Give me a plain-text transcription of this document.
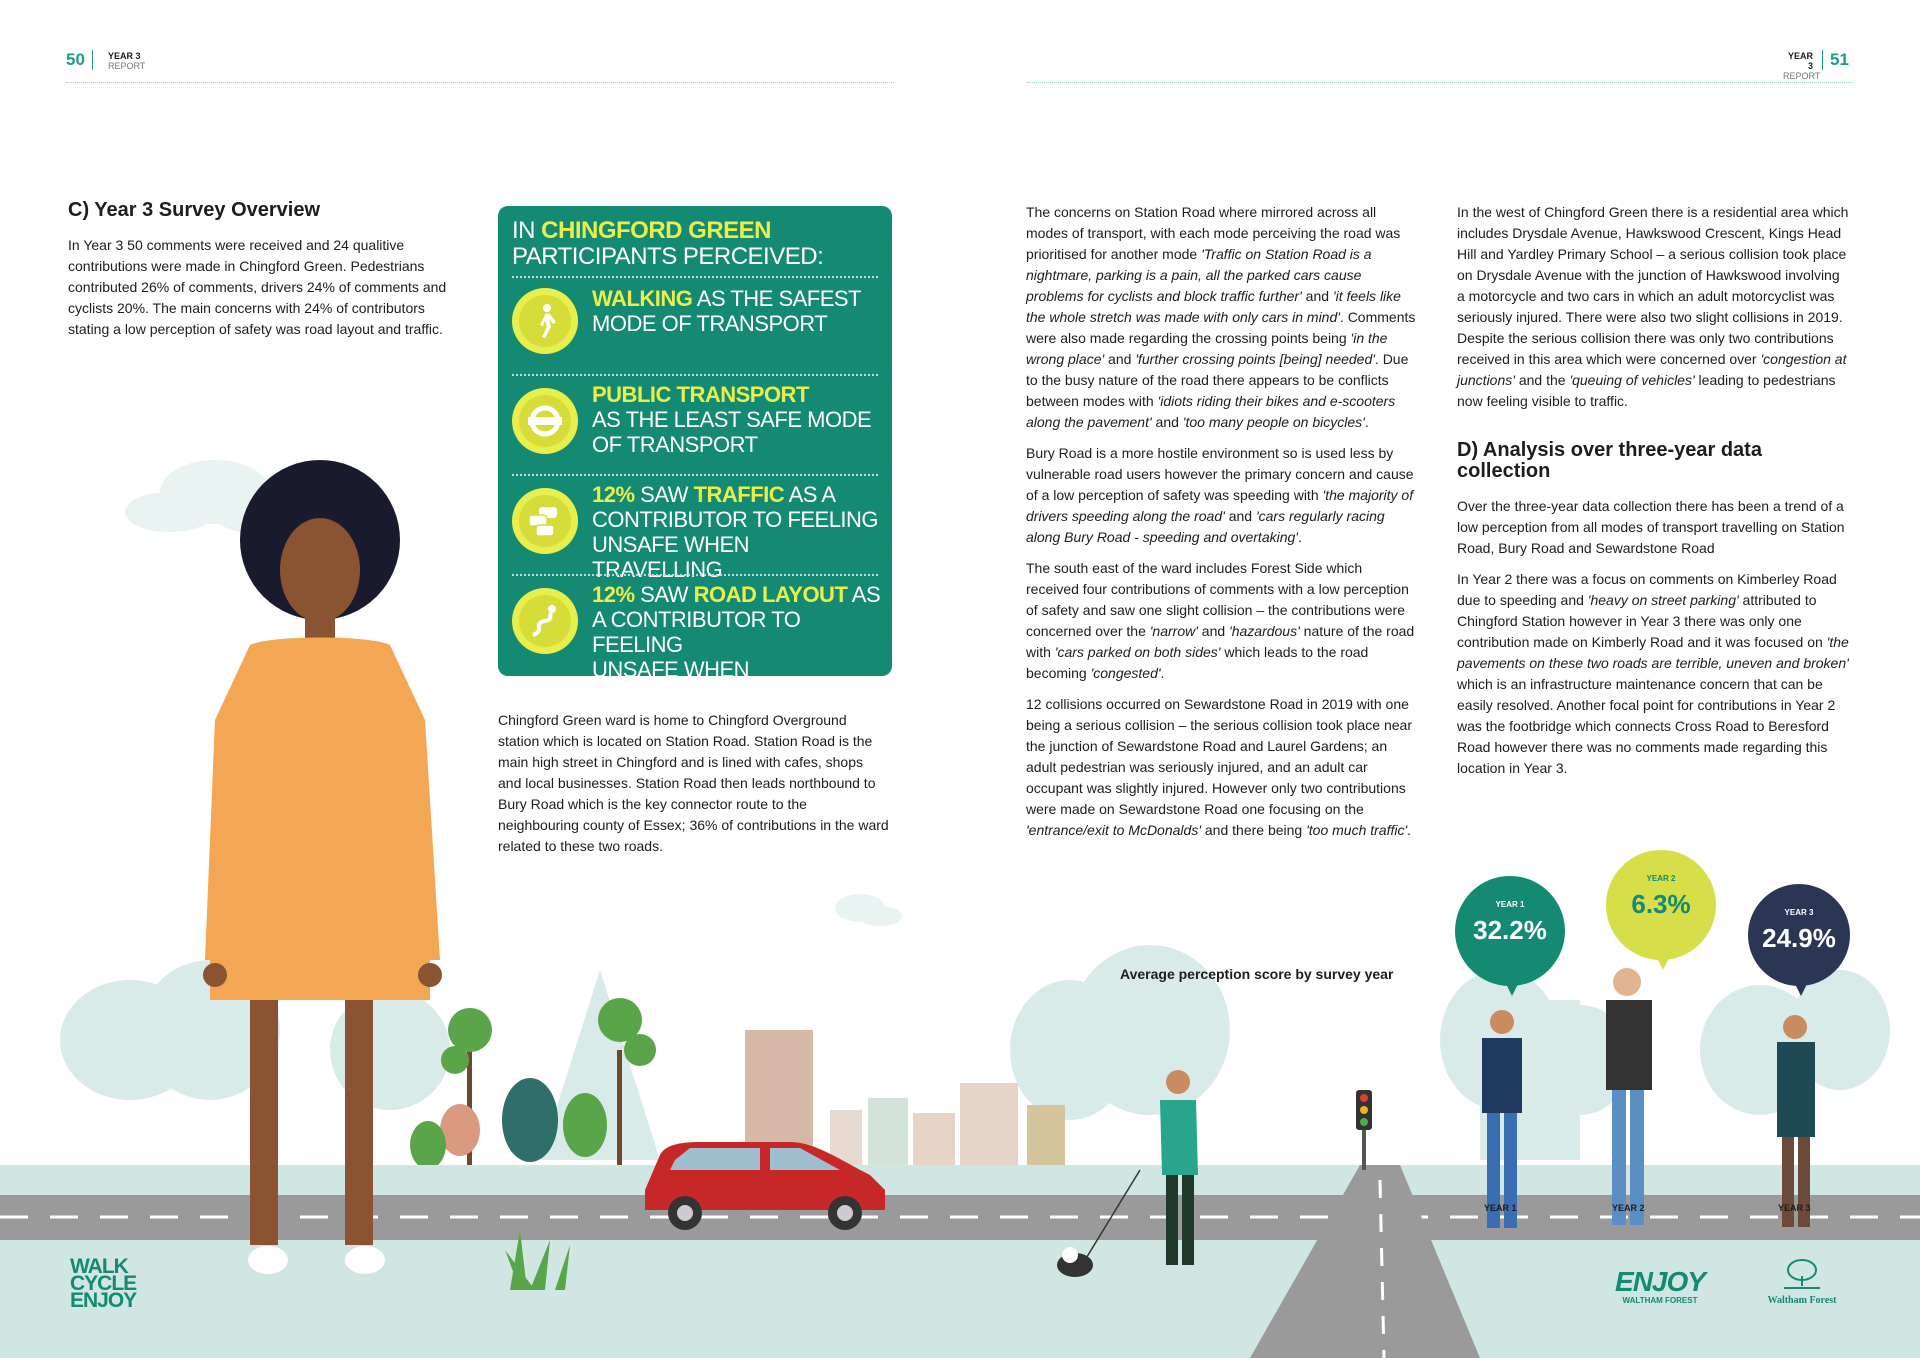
50	YEAR 3
REPORT
YEAR 3
REPORT
51
C) Year 3 Survey Overview

In Year 3 50 comments were received and 24 qualitive contributions were made in Chingford Green. Pedestrians contributed 26% of comments, drivers 24% of comments and cyclists 20%. The main concerns with 24% of contributors stating a low perception of safety was road layout and traffic.

IN CHINGFORD GREEN
PARTICIPANTS PERCEIVED:
WALKING AS THE SAFEST
MODE OF TRANSPORT
PUBLIC TRANSPORT
AS THE LEAST SAFE MODE
OF TRANSPORT
12% SAW TRAFFIC AS A
CONTRIBUTOR TO FEELING
UNSAFE WHEN TRAVELLING
12% SAW ROAD LAYOUT AS
A CONTRIBUTOR TO FEELING
UNSAFE WHEN TRAVELLING
Chingford Green ward is home to Chingford Overground station which is located on Station Road. Station Road is the main high street in Chingford and is lined with cafes, shops and local businesses. Station Road then leads northbound to Bury Road which is the key connector route to the neighbouring county of Essex; 36% of contributions in the ward related to these two roads.

The concerns on Station Road where mirrored across all modes of transport, with each mode perceiving the road was prioritised for another mode 'Traffic on Station Road is a nightmare, parking is a pain, all the parked cars cause problems for cyclists and block traffic further' and 'it feels like the whole stretch was made with only cars in mind'. Comments were also made regarding the crossing points being 'in the wrong place' and 'further crossing points [being] needed'. Due to the busy nature of the road there appears to be conflicts between modes with 'idiots riding their bikes and e-scooters along the pavement' and 'too many people on bicycles'.

Bury Road is a more hostile environment so is used less by vulnerable road users however the primary concern and cause of a low perception of safety was speeding with 'the majority of drivers speeding along the road' and 'cars regularly racing along Bury Road - speeding and overtaking'.

The south east of the ward includes Forest Side which received four contributions of comments with a low perception of safety and saw one slight collision – the contributions were concerned over the 'narrow' and 'hazardous' nature of the road with 'cars parked on both sides' which leads to the road becoming 'congested'.

12 collisions occurred on Sewardstone Road in 2019 with one being a serious collision – the serious collision took place near the junction of Sewardstone Road and Laurel Gardens; an adult pedestrian was seriously injured, and an adult car occupant was slightly injured. However only two contributions were made on Sewardstone Road one focusing on the 'entrance/exit to McDonalds' and there being 'too much traffic'.

In the west of Chingford Green there is a residential area which includes Drysdale Avenue, Hawkswood Crescent, Kings Head Hill and Yardley Primary School – a serious collision took place on Drysdale Avenue with the junction of Hawkswood involving a motorcycle and two cars in which an adult motorcyclist was seriously injured. There were also two slight collisions in 2019. Despite the serious collision there was only two contributions received in this area which were concerned over 'congestion at junctions' and the 'queuing of vehicles' leading to pedestrians now feeling visible to traffic.

D) Analysis over three-year data collection

Over the three-year data collection there has been a trend of a low perception from all modes of transport travelling on Station Road, Bury Road and Sewardstone Road

In Year 2 there was a focus on comments on Kimberley Road due to speeding and 'heavy on street parking' attributed to Chingford Station however in Year 3 there was only one contribution made on Kimberly Road and it was focused on 'the pavements on these two roads are terrible, uneven and broken' which is an infrastructure maintenance concern that can be easily resolved. Another focal point for contributions in Year 2 was the footbridge which connects Cross Road to Beresford Road however there was no comments made regarding this location in Year 3.

Average perception score by survey year
YEAR 1
32.2%
YEAR 2
6.3%	YEAR 3
24.9%
YEAR 1	YEAR 2	YEAR 3
WALK
CYCLE
ENJOY
ENJOY
WALTHAM FOREST	Waltham Forest
